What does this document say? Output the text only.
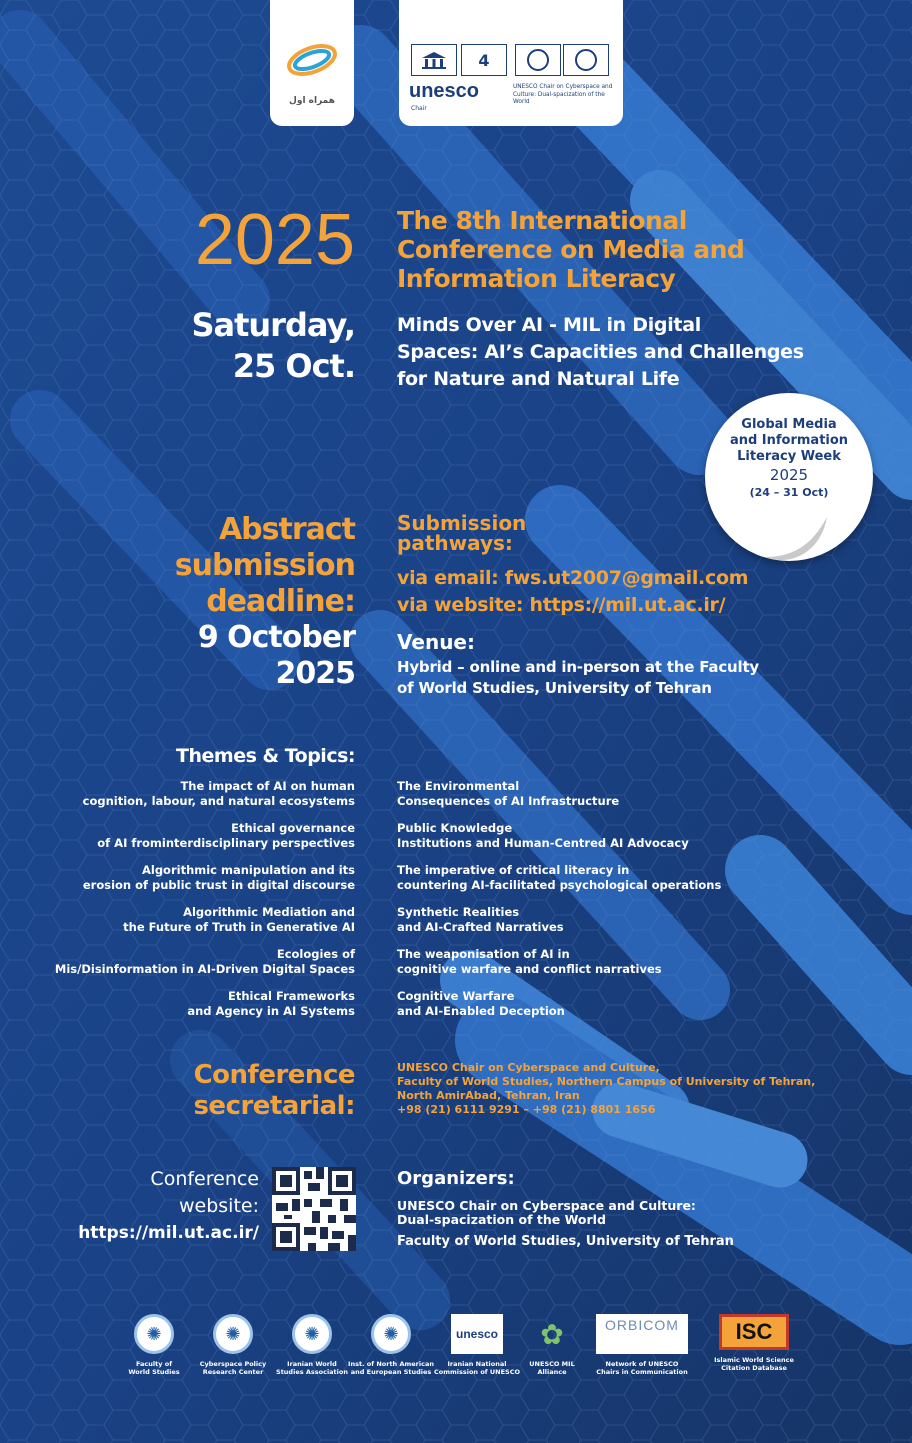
همراه اول
4
unesco
Chair
UNESCO Chair on Cyberspace and Culture: Dual-spacization of the World
2025
Saturday,
25 Oct.
The 8th International
Conference on Media and
Information Literacy
Minds Over AI - MIL in Digital
Spaces: AI’s Capacities and Challenges
for Nature and Natural Life
Global Media
and Information
Literacy Week
2025
(24 – 31 Oct)
Abstract
submission
deadline:
9 October
2025
Submission
pathways:
via email: fws.ut2007@gmail.com
via website: https://mil.ut.ac.ir/
Venue:
Hybrid – online and in-person at the Faculty
of World Studies, University of Tehran
Themes & Topics:
The impact of AI on human
cognition, labour, and natural ecosystems
Ethical governance
of AI frominterdisciplinary perspectives
Algorithmic manipulation and its
erosion of public trust in digital discourse
Algorithmic Mediation and
the Future of Truth in Generative AI
Ecologies of
Mis/Disinformation in AI-Driven Digital Spaces
Ethical Frameworks
and Agency in AI Systems
The Environmental
Consequences of AI Infrastructure
Public Knowledge
Institutions and Human-Centred AI Advocacy
The imperative of critical literacy in
countering AI-facilitated psychological operations
Synthetic Realities
and AI-Crafted Narratives
The weaponisation of AI in
cognitive warfare and conflict narratives
Cognitive Warfare
and AI-Enabled Deception
Conference
secretarial:
UNESCO Chair on Cyberspace and Culture,
Faculty of World Studies, Northern Campus of University of Tehran,
North AmirAbad, Tehran, Iran
+98 (21) 6111 9291 – +98 (21) 8801 1656
Conference
website:
https://mil.ut.ac.ir/
Organizers:
UNESCO Chair on Cyberspace and Culture:
Dual-spacization of the World
Faculty of World Studies, University of Tehran
✺
Faculty of
World Studies
✺
Cyberspace Policy
Research Center
✺
Iranian World
Studies Association
✺
Inst. of North American
and European Studies
unesco
Iranian National
Commission of UNESCO
✿
UNESCO MIL
Alliance
ORBICOM
Network of UNESCO
Chairs in Communication
ISC
Islamic World Science
Citation Database
